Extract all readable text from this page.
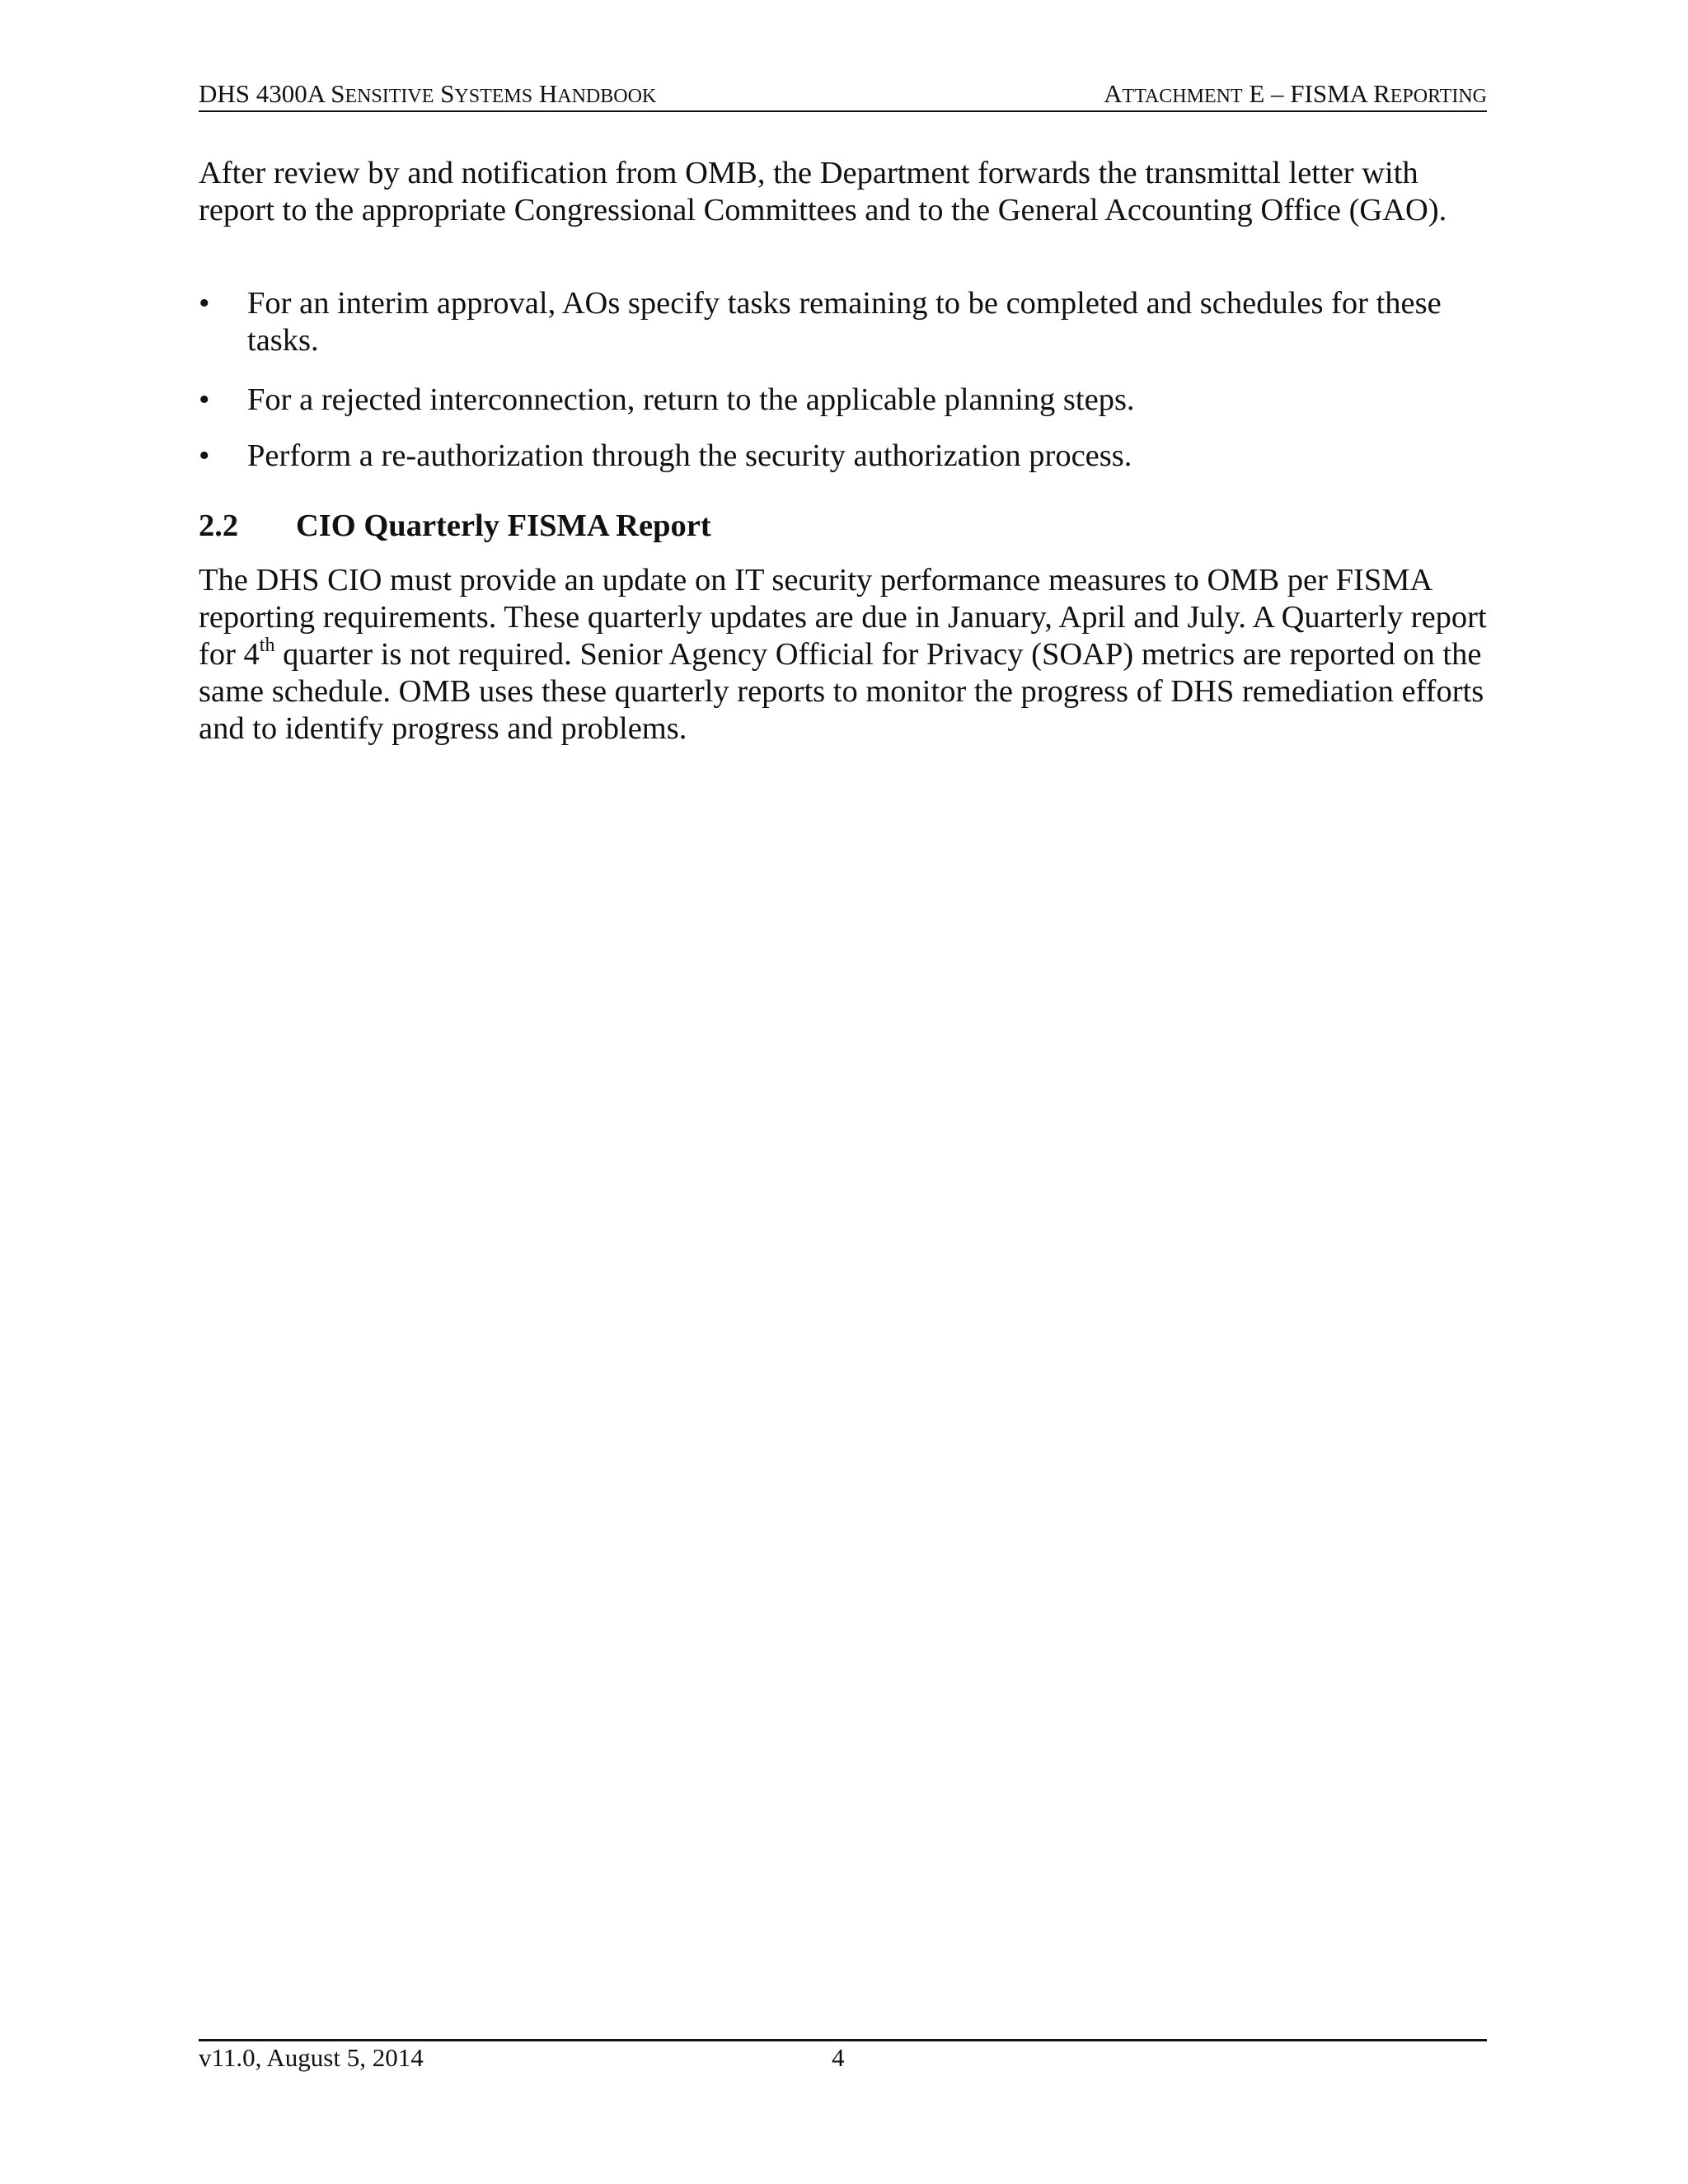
DHS 4300A SENSITIVE SYSTEMS HANDBOOK	ATTACHMENT E – FISMA REPORTING

After review by and notification from OMB, the Department forwards the transmittal letter with report to the appropriate Congressional Committees and to the General Accounting Office (GAO).

•	For an interim approval, AOs specify tasks remaining to be completed and schedules for these tasks.
•	For a rejected interconnection, return to the applicable planning steps.
•	Perform a re-authorization through the security authorization process.
2.2 CIO Quarterly FISMA Report

The DHS CIO must provide an update on IT security performance measures to OMB per FISMA reporting requirements. These quarterly updates are due in January, April and July. A Quarterly report for 4th quarter is not required. Senior Agency Official for Privacy (SOAP) metrics are reported on the same schedule. OMB uses these quarterly reports to monitor the progress of DHS remediation efforts and to identify progress and problems.

v11.0, August 5, 2014	4
